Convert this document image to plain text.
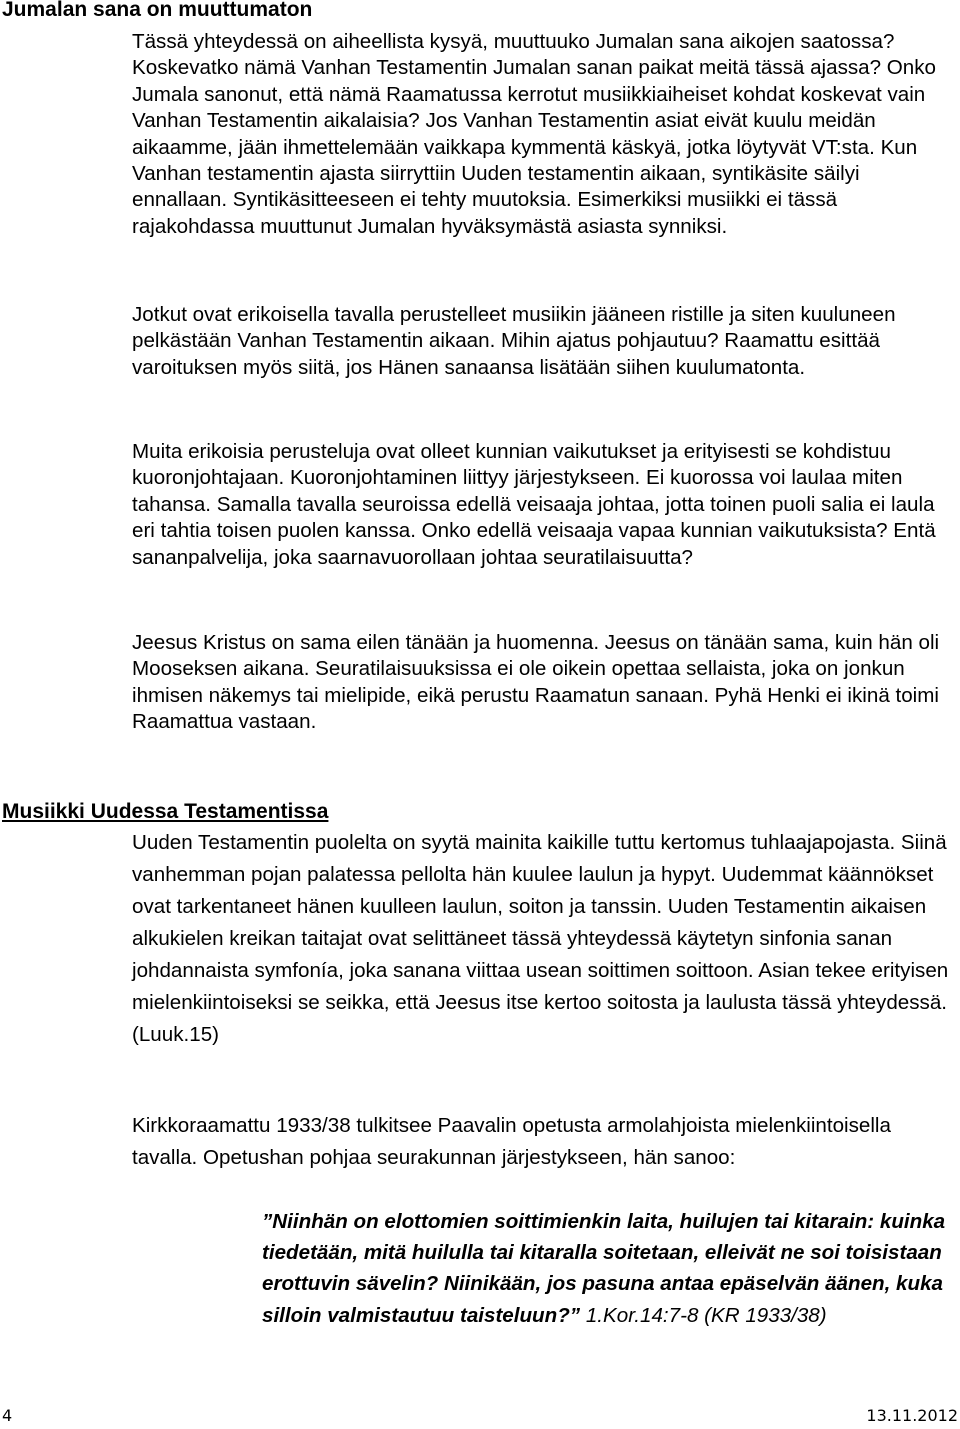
Jumalan sana on muuttumaton

Tässä yhteydessä on aiheellista kysyä, muuttuuko Jumalan sana aikojen saatossa? Koskevatko nämä Vanhan Testamentin Jumalan sanan paikat meitä tässä ajassa? Onko Jumala sanonut, että nämä Raamatussa kerrotut musiikkiaiheiset kohdat koskevat vain Vanhan Testamentin aikalaisia? Jos Vanhan Testamentin asiat eivät kuulu meidän aikaamme, jään ihmettelemään vaikkapa kymmentä käskyä, jotka löytyvät VT:sta. Kun Vanhan testamentin ajasta siirryttiin Uuden testamentin aikaan, syntikäsite säilyi ennallaan. Syntikäsitteeseen ei tehty muutoksia. Esimerkiksi musiikki ei tässä rajakohdassa muuttunut Jumalan hyväksymästä asiasta synniksi.

Jotkut ovat erikoisella tavalla perustelleet musiikin jääneen ristille ja siten kuuluneen pelkästään Vanhan Testamentin aikaan. Mihin ajatus pohjautuu? Raamattu esittää varoituksen myös siitä, jos Hänen sanaansa lisätään siihen kuulumatonta.

Muita erikoisia perusteluja ovat olleet kunnian vaikutukset ja erityisesti se kohdistuu kuoronjohtajaan. Kuoronjohtaminen liittyy järjestykseen. Ei kuorossa voi laulaa miten tahansa. Samalla tavalla seuroissa edellä veisaaja johtaa, jotta toinen puoli salia ei laula eri tahtia toisen puolen kanssa. Onko edellä veisaaja vapaa kunnian vaikutuksista? Entä sananpalvelija, joka saarnavuorollaan johtaa seuratilaisuutta?

Jeesus Kristus on sama eilen tänään ja huomenna. Jeesus on tänään sama, kuin hän oli Mooseksen aikana. Seuratilaisuuksissa ei ole oikein opettaa sellaista, joka on jonkun ihmisen näkemys tai mielipide, eikä perustu Raamatun sanaan. Pyhä Henki ei ikinä toimi Raamattua vastaan.

Musiikki Uudessa Testamentissa

Uuden Testamentin puolelta on syytä mainita kaikille tuttu kertomus tuhlaajapojasta. Siinä vanhemman pojan palatessa pellolta hän kuulee laulun ja hypyt. Uudemmat käännökset ovat tarkentaneet hänen kuulleen laulun, soiton ja tanssin. Uuden Testamentin aikaisen alkukielen kreikan taitajat ovat selittäneet tässä yhteydessä käytetyn sinfonia sanan johdannaista symfonía, joka sanana viittaa usean soittimen soittoon. Asian tekee erityisen mielenkiintoiseksi se seikka, että Jeesus itse kertoo soitosta ja laulusta tässä yhteydessä. (Luuk.15)

Kirkkoraamattu 1933/38 tulkitsee Paavalin opetusta armolahjoista mielenkiintoisella tavalla. Opetushan pohjaa seurakunnan järjestykseen, hän sanoo:

”Niinhän on elottomien soittimienkin laita, huilujen tai kitarain: kuinka tiedetään, mitä huilulla tai kitaralla soitetaan, elleivät ne soi toisistaan erottuvin sävelin? Niinikään, jos pasuna antaa epäselvän äänen, kuka silloin valmistautuu taisteluun?” 1.Kor.14:7-8 (KR 1933/38)
4	13.11.2012
